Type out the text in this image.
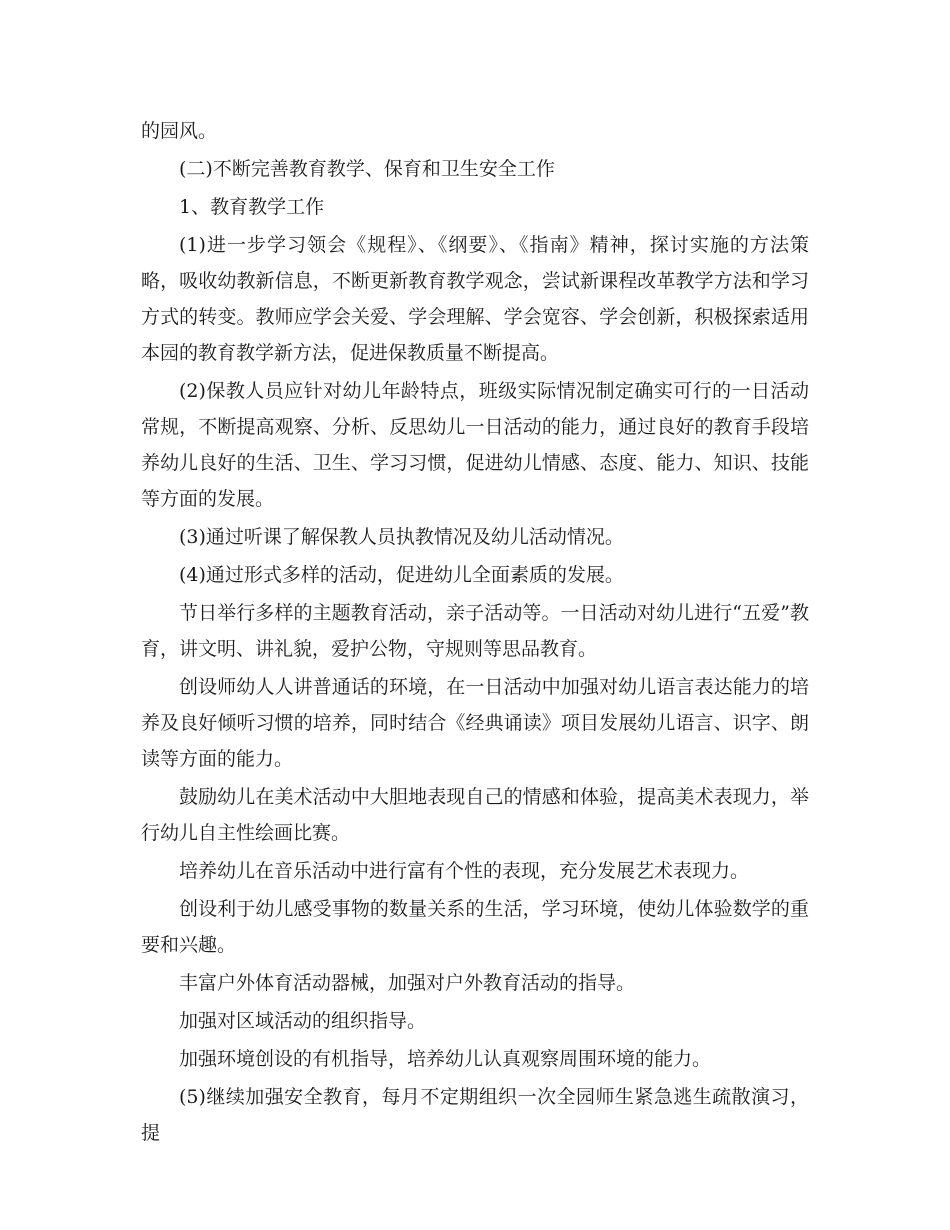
的园风。

(二)不断完善教育教学、保育和卫生安全工作

1、教育教学工作

(1)进一步学习领会《规程》、《纲要》、《指南》精神，探讨实施的方法策略，吸收幼教新信息，不断更新教育教学观念，尝试新课程改革教学方法和学习方式的转变。教师应学会关爱、学会理解、学会宽容、学会创新，积极探索适用本园的教育教学新方法，促进保教质量不断提高。

(2)保教人员应针对幼儿年龄特点，班级实际情况制定确实可行的一日活动常规，不断提高观察、分析、反思幼儿一日活动的能力，通过良好的教育手段培养幼儿良好的生活、卫生、学习习惯，促进幼儿情感、态度、能力、知识、技能等方面的发展。

(3)通过听课了解保教人员执教情况及幼儿活动情况。

(4)通过形式多样的活动，促进幼儿全面素质的发展。

节日举行多样的主题教育活动，亲子活动等。一日活动对幼儿进行“五爱”教育，讲文明、讲礼貌，爱护公物，守规则等思品教育。

创设师幼人人讲普通话的环境，在一日活动中加强对幼儿语言表达能力的培养及良好倾听习惯的培养，同时结合《经典诵读》项目发展幼儿语言、识字、朗读等方面的能力。

鼓励幼儿在美术活动中大胆地表现自己的情感和体验，提高美术表现力，举行幼儿自主性绘画比赛。

培养幼儿在音乐活动中进行富有个性的表现，充分发展艺术表现力。

创设利于幼儿感受事物的数量关系的生活，学习环境，使幼儿体验数学的重要和兴趣。

丰富户外体育活动器械，加强对户外教育活动的指导。

加强对区域活动的组织指导。

加强环境创设的有机指导，培养幼儿认真观察周围环境的能力。

(5)继续加强安全教育，每月不定期组织一次全园师生紧急逃生疏散演习，提
